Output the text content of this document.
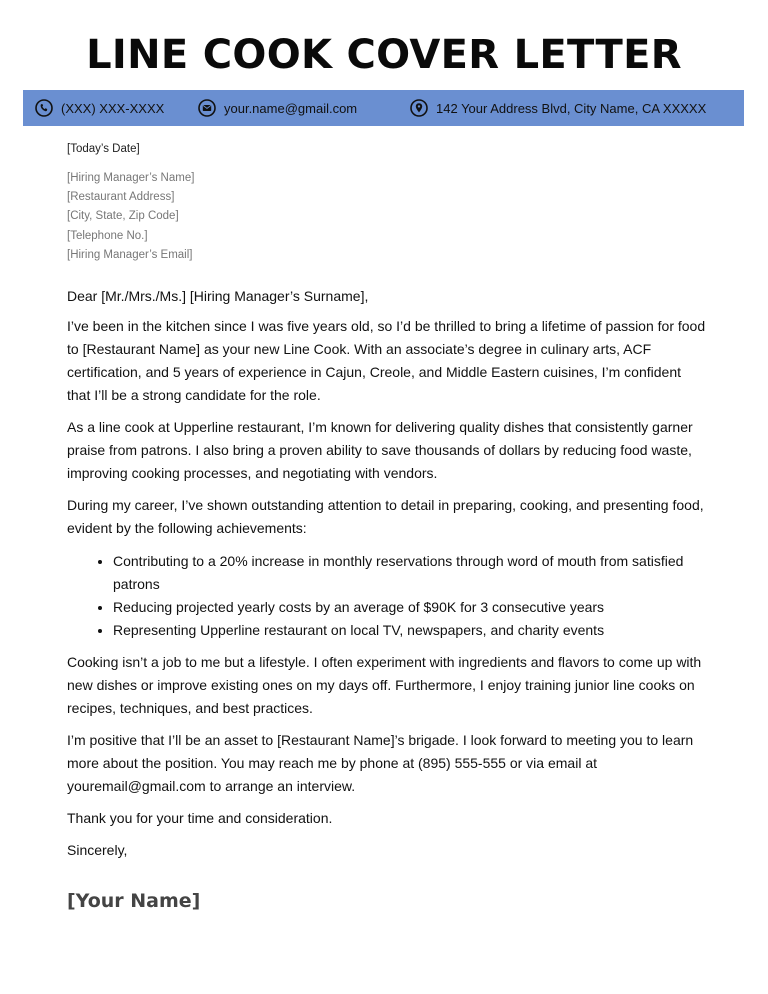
LINE COOK COVER LETTER
(XXX) XXX-XXXX	your.name@gmail.com	142 Your Address Blvd, City Name, CA XXXXX

[Today’s Date]

[Hiring Manager’s Name]
[Restaurant Address]
[City, State, Zip Code]
[Telephone No.]
[Hiring Manager’s Email]
Dear [Mr./Mrs./Ms.] [Hiring Manager’s Surname],

I’ve been in the kitchen since I was five years old, so I’d be thrilled to bring a lifetime of passion for food to [Restaurant Name] as your new Line Cook. With an associate’s degree in culinary arts, ACF certification, and 5 years of experience in Cajun, Creole, and Middle Eastern cuisines, I’m confident that I’ll be a strong candidate for the role.

As a line cook at Upperline restaurant, I’m known for delivering quality dishes that consistently garner praise from patrons. I also bring a proven ability to save thousands of dollars by reducing food waste, improving cooking processes, and negotiating with vendors.

During my career, I’ve shown outstanding attention to detail in preparing, cooking, and presenting food, evident by the following achievements:

• Contributing to a 20% increase in monthly reservations through word of mouth from satisfied patrons
• Reducing projected yearly costs by an average of $90K for 3 consecutive years
• Representing Upperline restaurant on local TV, newspapers, and charity events

Cooking isn’t a job to me but a lifestyle. I often experiment with ingredients and flavors to come up with new dishes or improve existing ones on my days off. Furthermore, I enjoy training junior line cooks on recipes, techniques, and best practices.

I’m positive that I’ll be an asset to [Restaurant Name]’s brigade. I look forward to meeting you to learn more about the position. You may reach me by phone at (895) 555-555 or via email at youremail@gmail.com to arrange an interview.

Thank you for your time and consideration.

Sincerely,

[Your Name]
